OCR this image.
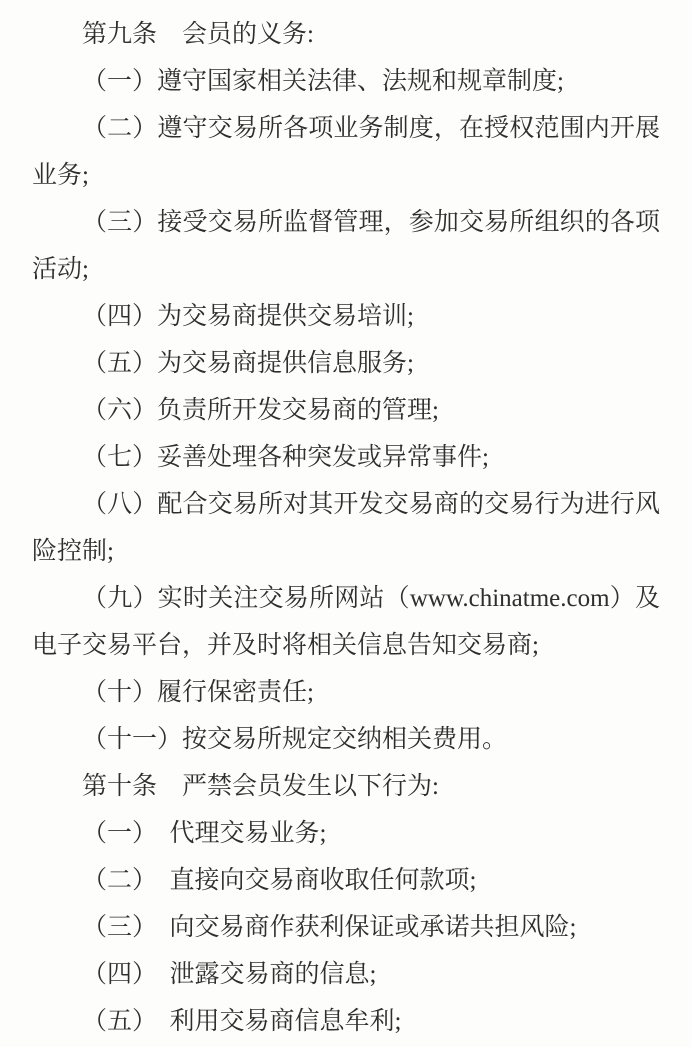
第九条　会员的义务:

（一）遵守国家相关法律、法规和规章制度;

（二）遵守交易所各项业务制度，在授权范围内开展业务;

（三）接受交易所监督管理，参加交易所组织的各项活动;

（四）为交易商提供交易培训;

（五）为交易商提供信息服务;

（六）负责所开发交易商的管理;

（七）妥善处理各种突发或异常事件;

（八）配合交易所对其开发交易商的交易行为进行风险控制;

（九）实时关注交易所网站（www.chinatme.com）及电子交易平台，并及时将相关信息告知交易商;

（十）履行保密责任;

（十一）按交易所规定交纳相关费用。

第十条　严禁会员发生以下行为:

（一）　代理交易业务;

（二）　直接向交易商收取任何款项;

（三）　向交易商作获利保证或承诺共担风险;

（四）　泄露交易商的信息;

（五）　利用交易商信息牟利;
